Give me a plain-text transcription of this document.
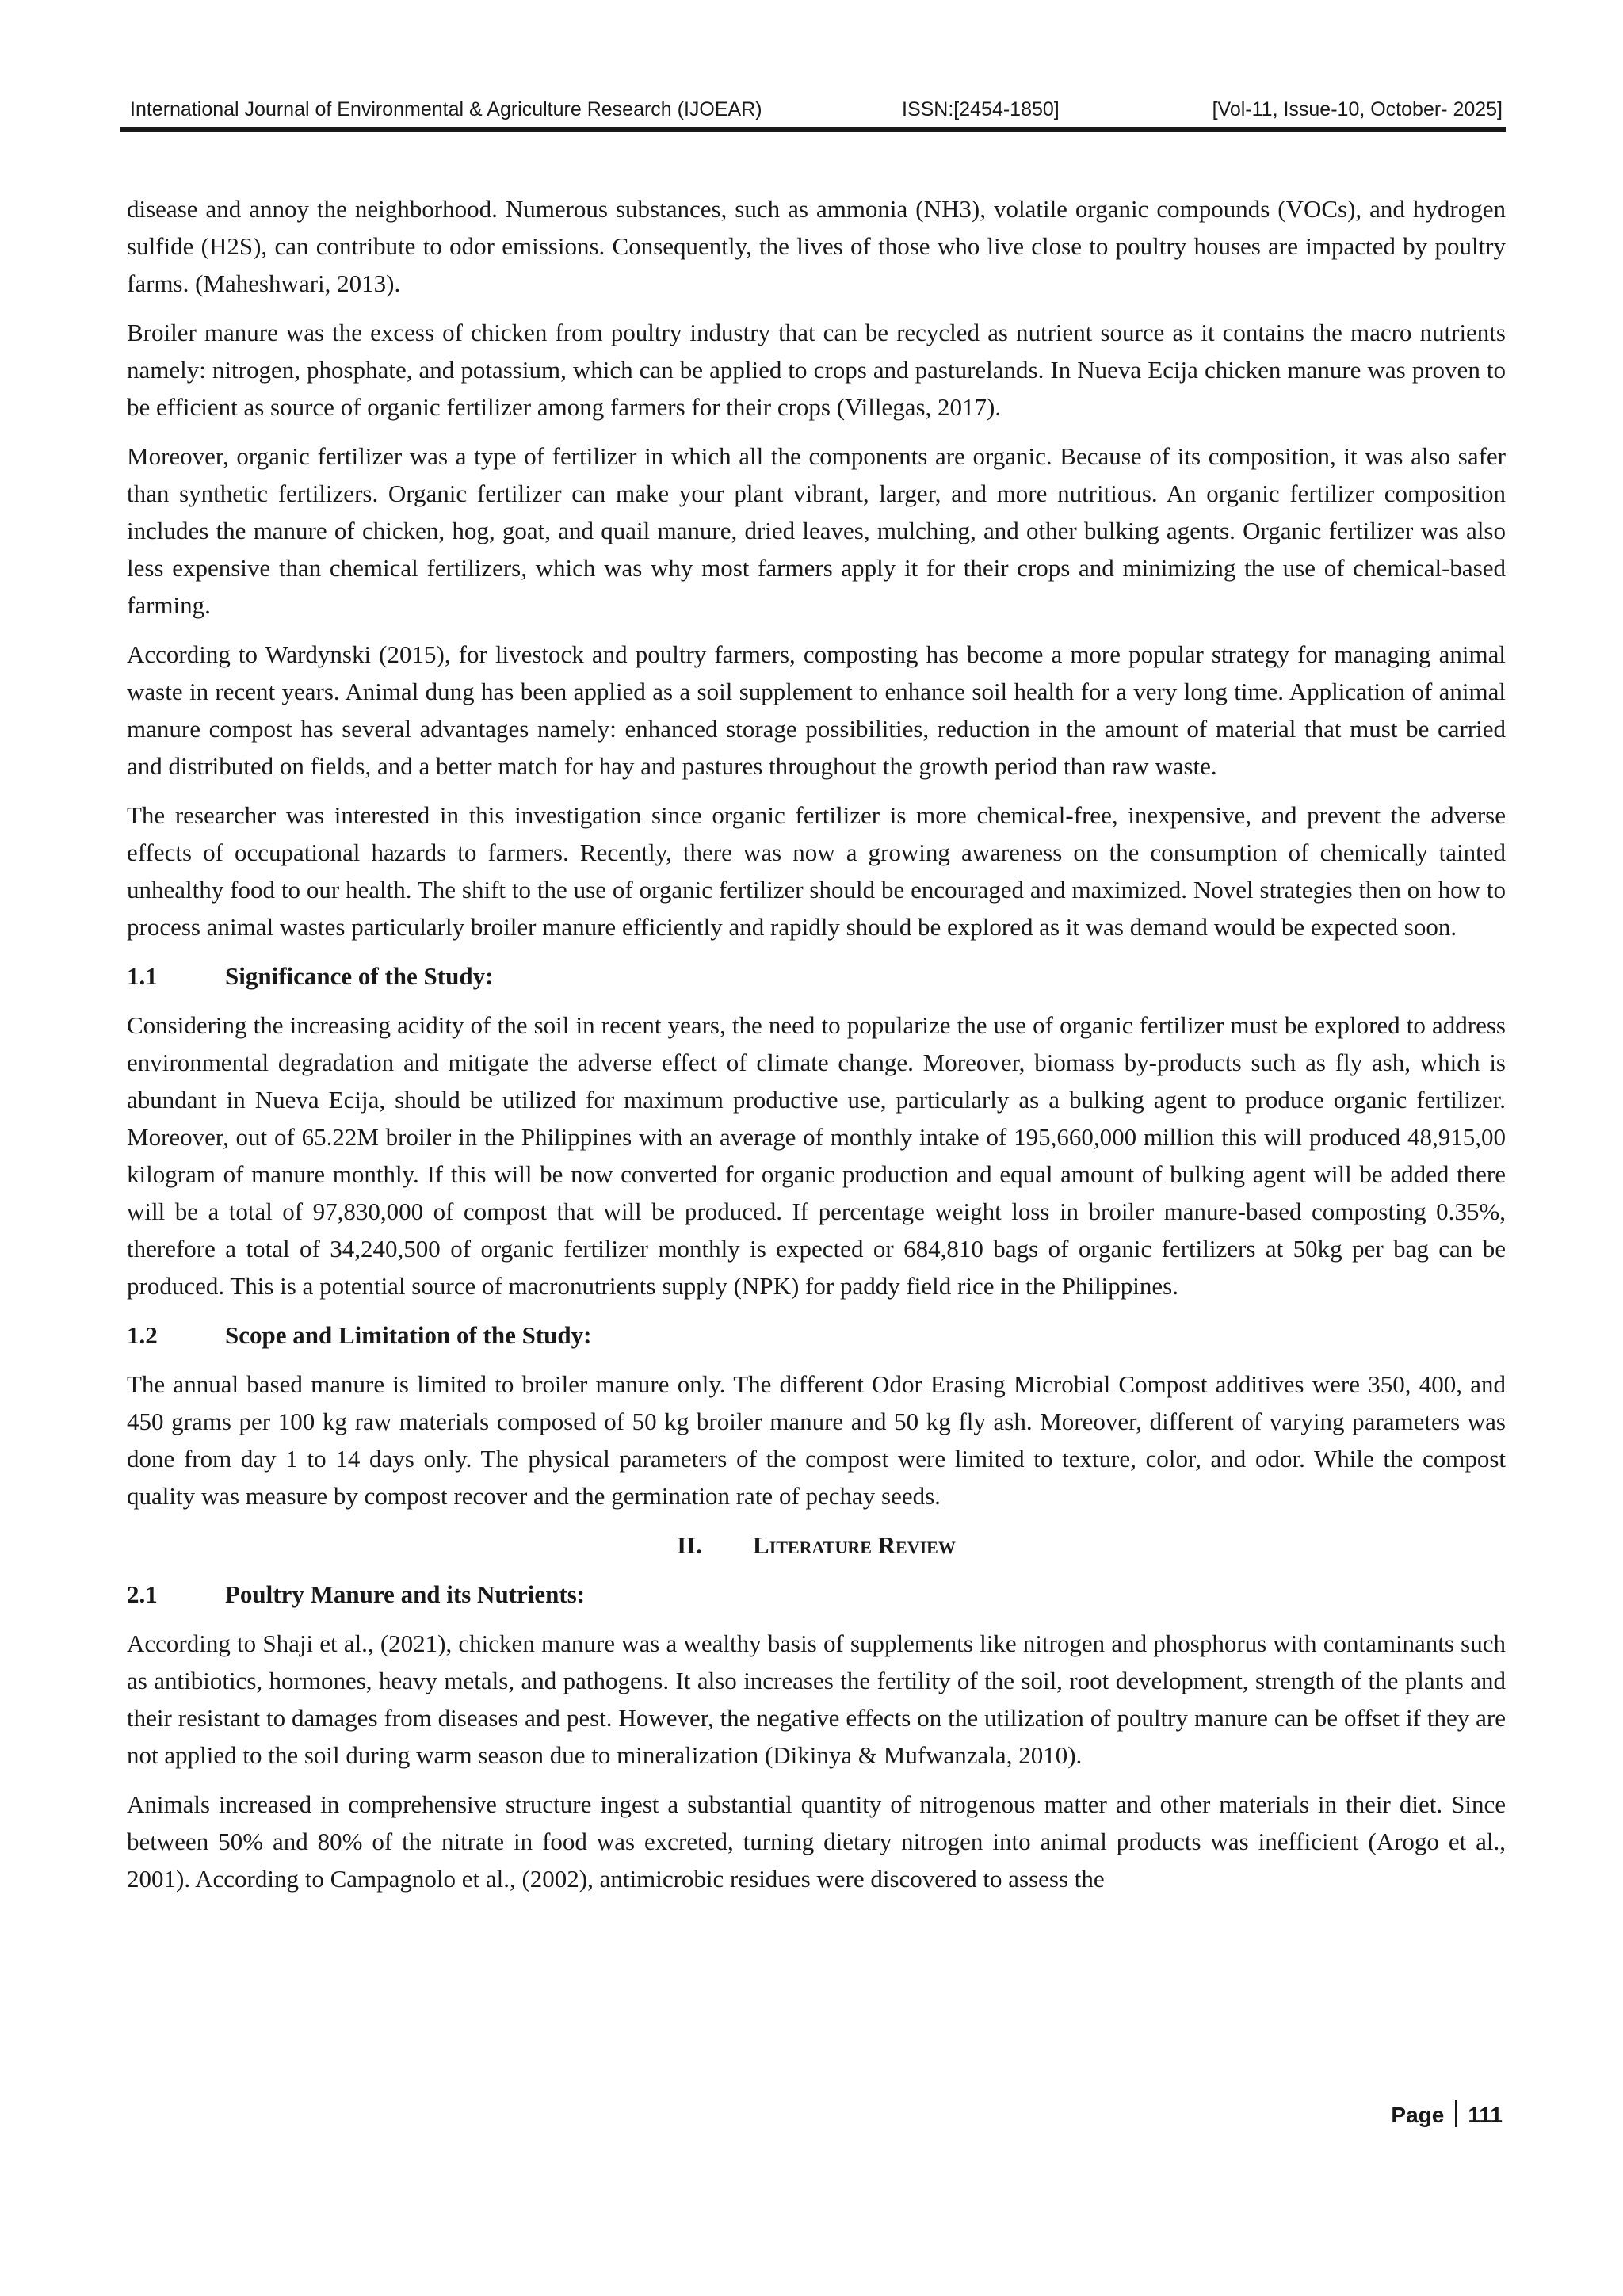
International Journal of Environmental & Agriculture Research (IJOEAR)	ISSN:[2454-1850]	[Vol-11, Issue-10, October- 2025]

disease and annoy the neighborhood. Numerous substances, such as ammonia (NH3), volatile organic compounds (VOCs), and hydrogen sulfide (H2S), can contribute to odor emissions. Consequently, the lives of those who live close to poultry houses are impacted by poultry farms. (Maheshwari, 2013).

Broiler manure was the excess of chicken from poultry industry that can be recycled as nutrient source as it contains the macro nutrients namely: nitrogen, phosphate, and potassium, which can be applied to crops and pasturelands. In Nueva Ecija chicken manure was proven to be efficient as source of organic fertilizer among farmers for their crops (Villegas, 2017).

Moreover, organic fertilizer was a type of fertilizer in which all the components are organic. Because of its composition, it was also safer than synthetic fertilizers. Organic fertilizer can make your plant vibrant, larger, and more nutritious. An organic fertilizer composition includes the manure of chicken, hog, goat, and quail manure, dried leaves, mulching, and other bulking agents. Organic fertilizer was also less expensive than chemical fertilizers, which was why most farmers apply it for their crops and minimizing the use of chemical-based farming.

According to Wardynski (2015), for livestock and poultry farmers, composting has become a more popular strategy for managing animal waste in recent years. Animal dung has been applied as a soil supplement to enhance soil health for a very long time. Application of animal manure compost has several advantages namely: enhanced storage possibilities, reduction in the amount of material that must be carried and distributed on fields, and a better match for hay and pastures throughout the growth period than raw waste.

The researcher was interested in this investigation since organic fertilizer is more chemical-free, inexpensive, and prevent the adverse effects of occupational hazards to farmers. Recently, there was now a growing awareness on the consumption of chemically tainted unhealthy food to our health. The shift to the use of organic fertilizer should be encouraged and maximized. Novel strategies then on how to process animal wastes particularly broiler manure efficiently and rapidly should be explored as it was demand would be expected soon.

1.1	Significance of the Study:

Considering the increasing acidity of the soil in recent years, the need to popularize the use of organic fertilizer must be explored to address environmental degradation and mitigate the adverse effect of climate change. Moreover, biomass by-products such as fly ash, which is abundant in Nueva Ecija, should be utilized for maximum productive use, particularly as a bulking agent to produce organic fertilizer. Moreover, out of 65.22M broiler in the Philippines with an average of monthly intake of 195,660,000 million this will produced 48,915,00 kilogram of manure monthly. If this will be now converted for organic production and equal amount of bulking agent will be added there will be a total of 97,830,000 of compost that will be produced. If percentage weight loss in broiler manure-based composting 0.35%, therefore a total of 34,240,500 of organic fertilizer monthly is expected or 684,810 bags of organic fertilizers at 50kg per bag can be produced. This is a potential source of macronutrients supply (NPK) for paddy field rice in the Philippines.

1.2	Scope and Limitation of the Study:

The annual based manure is limited to broiler manure only. The different Odor Erasing Microbial Compost additives were 350, 400, and 450 grams per 100 kg raw materials composed of 50 kg broiler manure and 50 kg fly ash. Moreover, different of varying parameters was done from day 1 to 14 days only. The physical parameters of the compost were limited to texture, color, and odor. While the compost quality was measure by compost recover and the germination rate of pechay seeds.

II. Literature Review
2.1	Poultry Manure and its Nutrients:

According to Shaji et al., (2021), chicken manure was a wealthy basis of supplements like nitrogen and phosphorus with contaminants such as antibiotics, hormones, heavy metals, and pathogens. It also increases the fertility of the soil, root development, strength of the plants and their resistant to damages from diseases and pest. However, the negative effects on the utilization of poultry manure can be offset if they are not applied to the soil during warm season due to mineralization (Dikinya & Mufwanzala, 2010).

Animals increased in comprehensive structure ingest a substantial quantity of nitrogenous matter and other materials in their diet. Since between 50% and 80% of the nitrate in food was excreted, turning dietary nitrogen into animal products was inefficient (Arogo et al., 2001). According to Campagnolo et al., (2002), antimicrobic residues were discovered to assess the

Page 111
